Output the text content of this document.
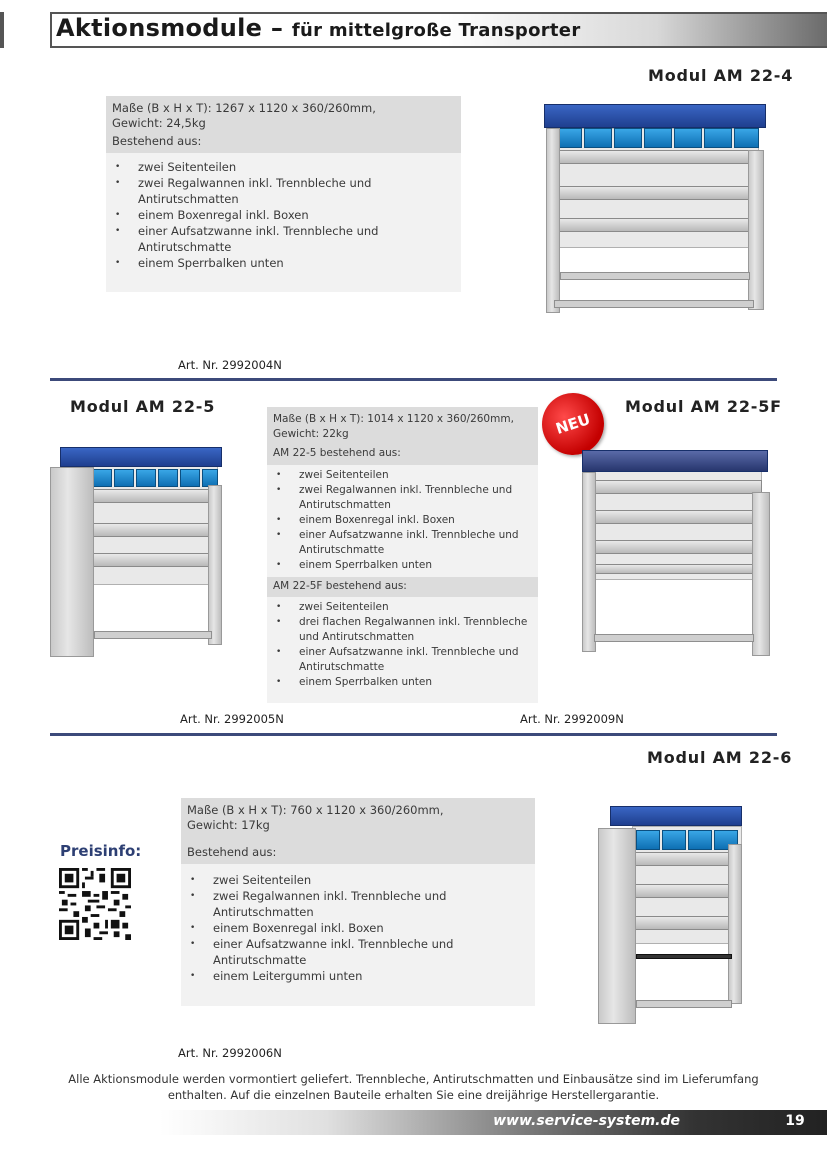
Aktionsmodule – für mittelgroße Transporter
Modul AM 22-4
Maße (B x H x T): 1267 x 1120 x 360/260mm,
Gewicht: 24,5kg
Bestehend aus:
• zwei Seitenteilen
• zwei Regalwannen inkl. Trennbleche und Antirutschmatten
• einem Boxenregal inkl. Boxen
• einer Aufsatzwanne inkl. Trennbleche und Antirutschmatte
• einem Sperrbalken unten
Art. Nr. 2992004N
Modul AM 22-5	Modul AM 22-5F
NEU
Maße (B x H x T): 1014 x 1120 x 360/260mm,
Gewicht: 22kg
AM 22-5 bestehend aus:
• zwei Seitenteilen
• zwei Regalwannen inkl. Trennbleche und Antirutschmatten
• einem Boxenregal inkl. Boxen
• einer Aufsatzwanne inkl. Trennbleche und Antirutschmatte
• einem Sperrbalken unten
AM 22-5F bestehend aus:
• zwei Seitenteilen
• drei flachen Regalwannen inkl. Trennbleche und Antirutschmatten
• einer Aufsatzwanne inkl. Trennbleche und Antirutschmatte
• einem Sperrbalken unten
Art. Nr. 2992005N	Art. Nr. 2992009N
Modul AM 22-6
Maße (B x H x T): 760 x 1120 x 360/260mm,
Gewicht: 17kg
Bestehend aus:
• zwei Seitenteilen
• zwei Regalwannen inkl. Trennbleche und Antirutschmatten
• einem Boxenregal inkl. Boxen
• einer Aufsatzwanne inkl. Trennbleche und Antirutschmatte
• einem Leitergummi unten
Art. Nr. 2992006N
Preisinfo:
Alle Aktionsmodule werden vormontiert geliefert. Trennbleche, Antirutschmatten und Einbausätze sind im Lieferumfang enthalten. Auf die einzelnen Bauteile erhalten Sie eine dreijährige Herstellergarantie.
www.service-system.de	19
